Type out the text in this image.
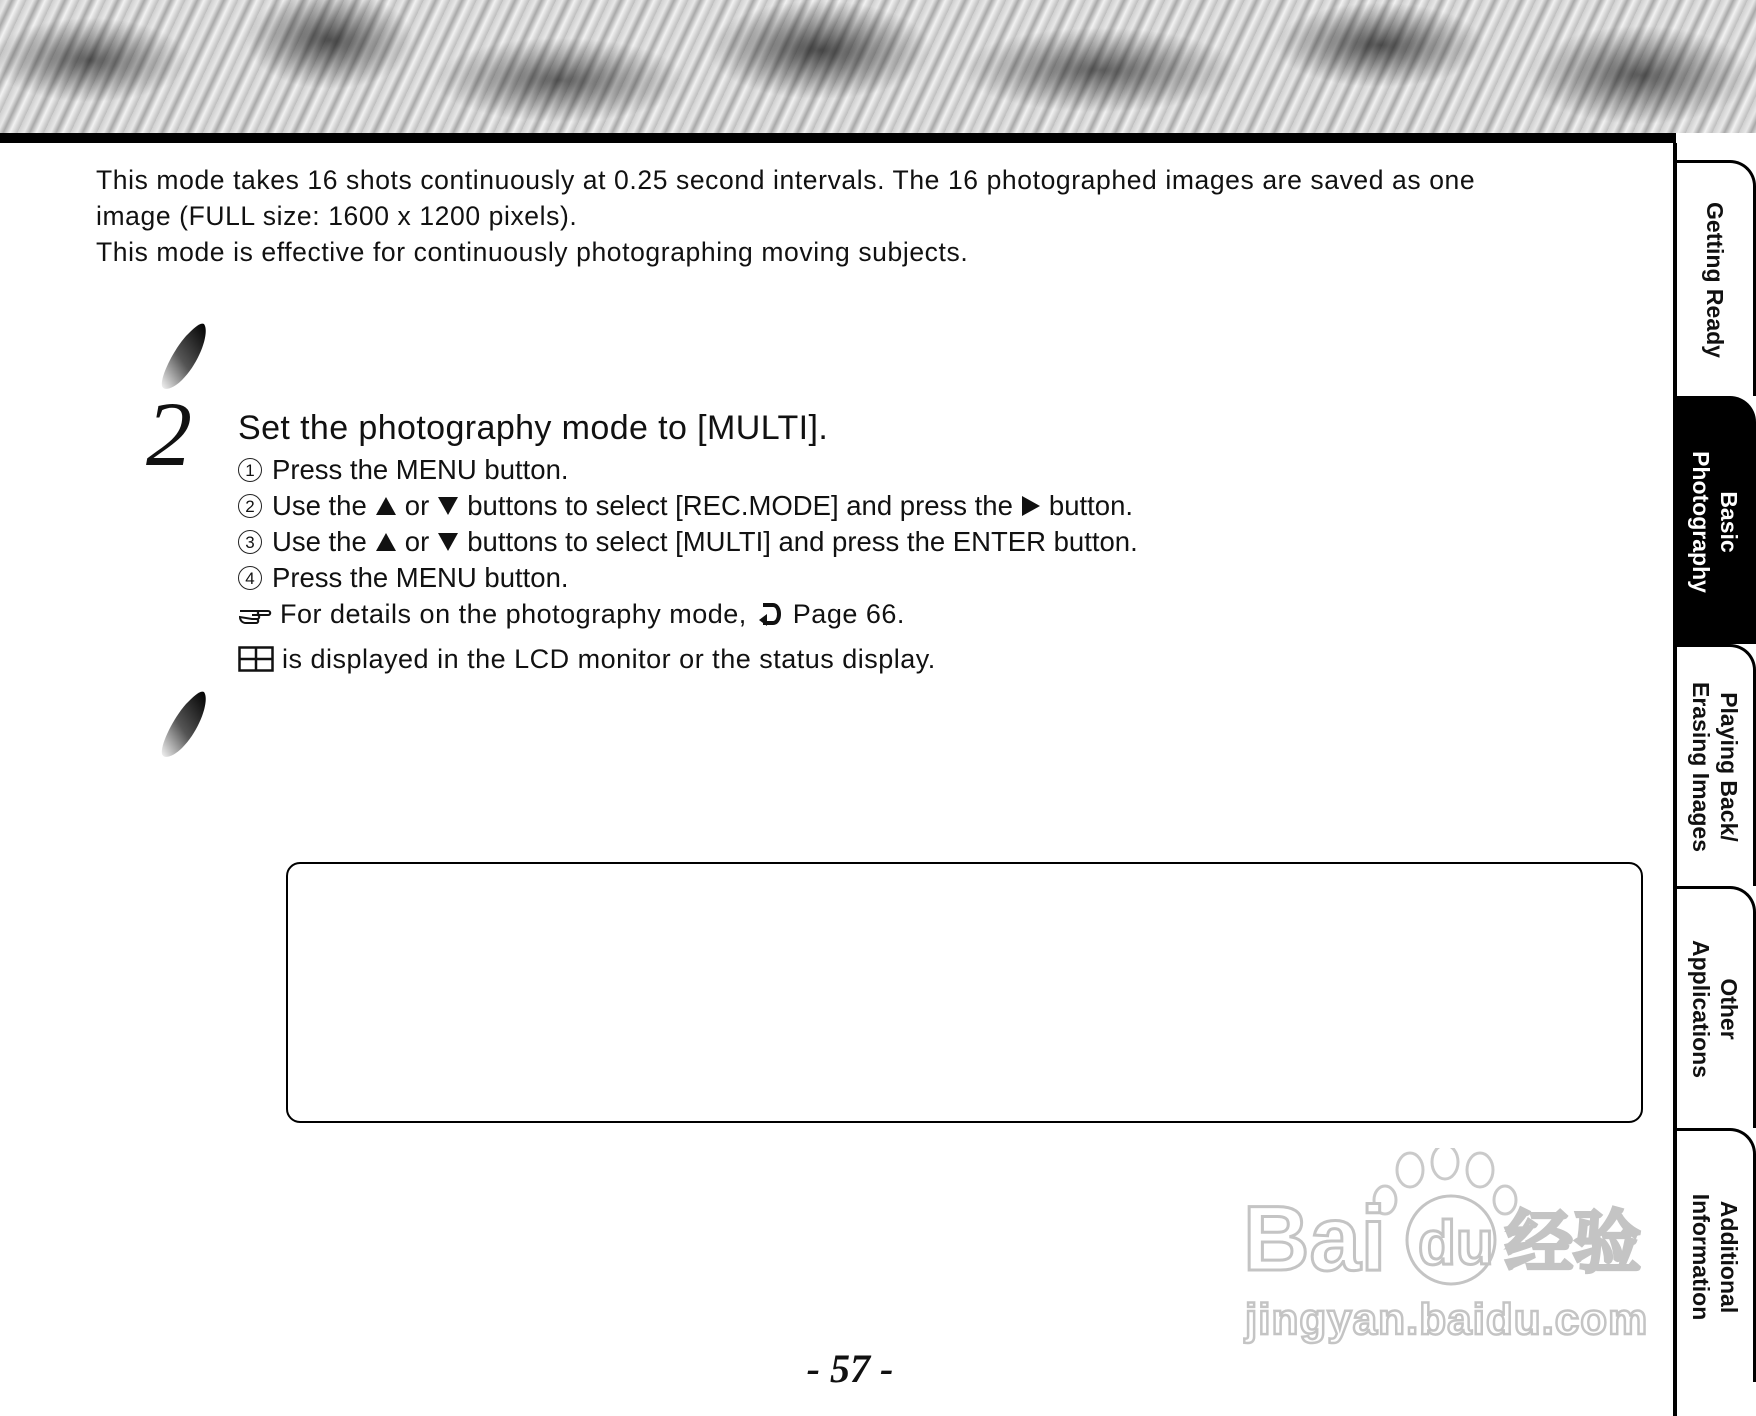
Getting Ready
Basic
Photography
Playing Back/
Erasing Images
Other
Applications
Additional
Information

This mode takes 16 shots continuously at 0.25 second intervals. The 16 photographed images are saved as one

image (FULL size: 1600 x 1200 pixels).

This mode is effective for continuously photographing moving subjects.

2 Set the photography mode to [MULTI].
1 Press the MENU button.
2 Use the or buttons to select [REC.MODE] and press the button.
3 Use the or buttons to select [MULTI] and press the ENTER button.
4 Press the MENU button.
For details on the photography mode, Page 66.
is displayed in the LCD monitor or the status display.
Bai du 经验
jingyan.baidu.com
- 57 -
